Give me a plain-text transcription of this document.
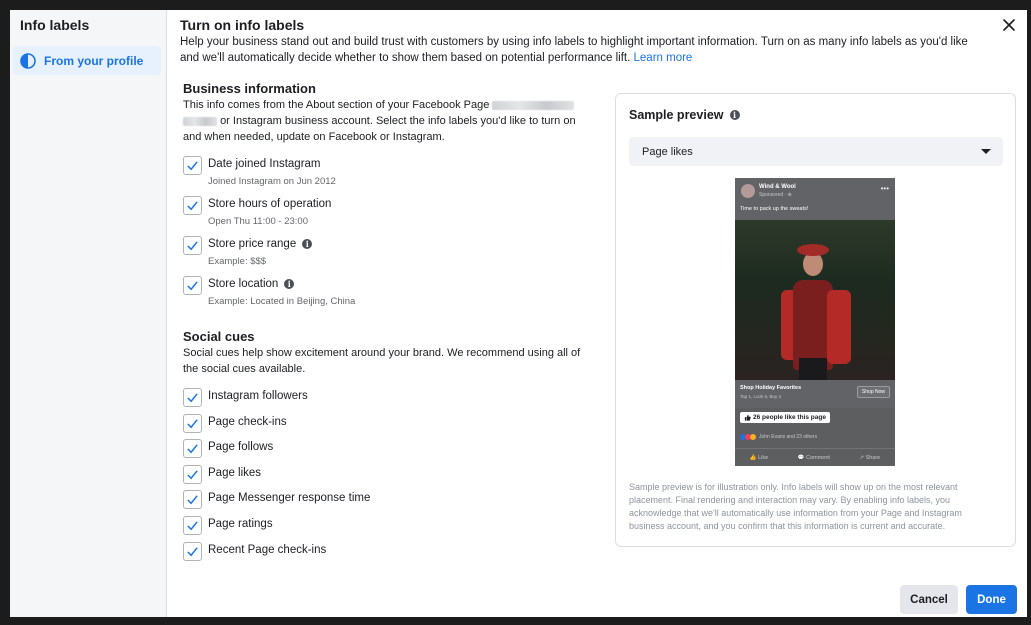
Info labels
From your profile
Turn on info labels
Help your business stand out and build trust with customers by using info labels to highlight important information. Turn on as many info labels as you'd like and we'll automatically decide whether to show them based on potential performance lift. Learn more
Business information
This info comes from the About section of your Facebook Page   or Instagram business account. Select the info labels you'd like to turn on and when needed, update on Facebook or Instagram.
Date joined Instagram
Joined Instagram on Jun 2012
Store hours of operation
Open Thu 11:00 - 23:00
Store price range	i
Example: $$$
Store location	i
Example: Located in Beijing, China
Social cues
Social cues help show excitement around your brand. We recommend using all of the social cues available.
Instagram followers
Page check-ins
Page follows
Page likes
Page Messenger response time
Page ratings
Recent Page check-ins
Sample preview	i
Page likes
Wind & Wool
Sponsored · ⊕
•••
Time to pack up the sweats!
Shop Holiday Favorites
Tap 1, Look 6, Buy 4
Shop Now
26 people like this page
John Evans and 23 others
👍 Like	💬 Comment	↗ Share
Sample preview is for illustration only. Info labels will show up on the most relevant placement. Final rendering and interaction may vary. By enabling info labels, you acknowledge that we'll automatically use information from your Page and Instagram business account, and you confirm that this information is current and accurate.
Cancel	Done
